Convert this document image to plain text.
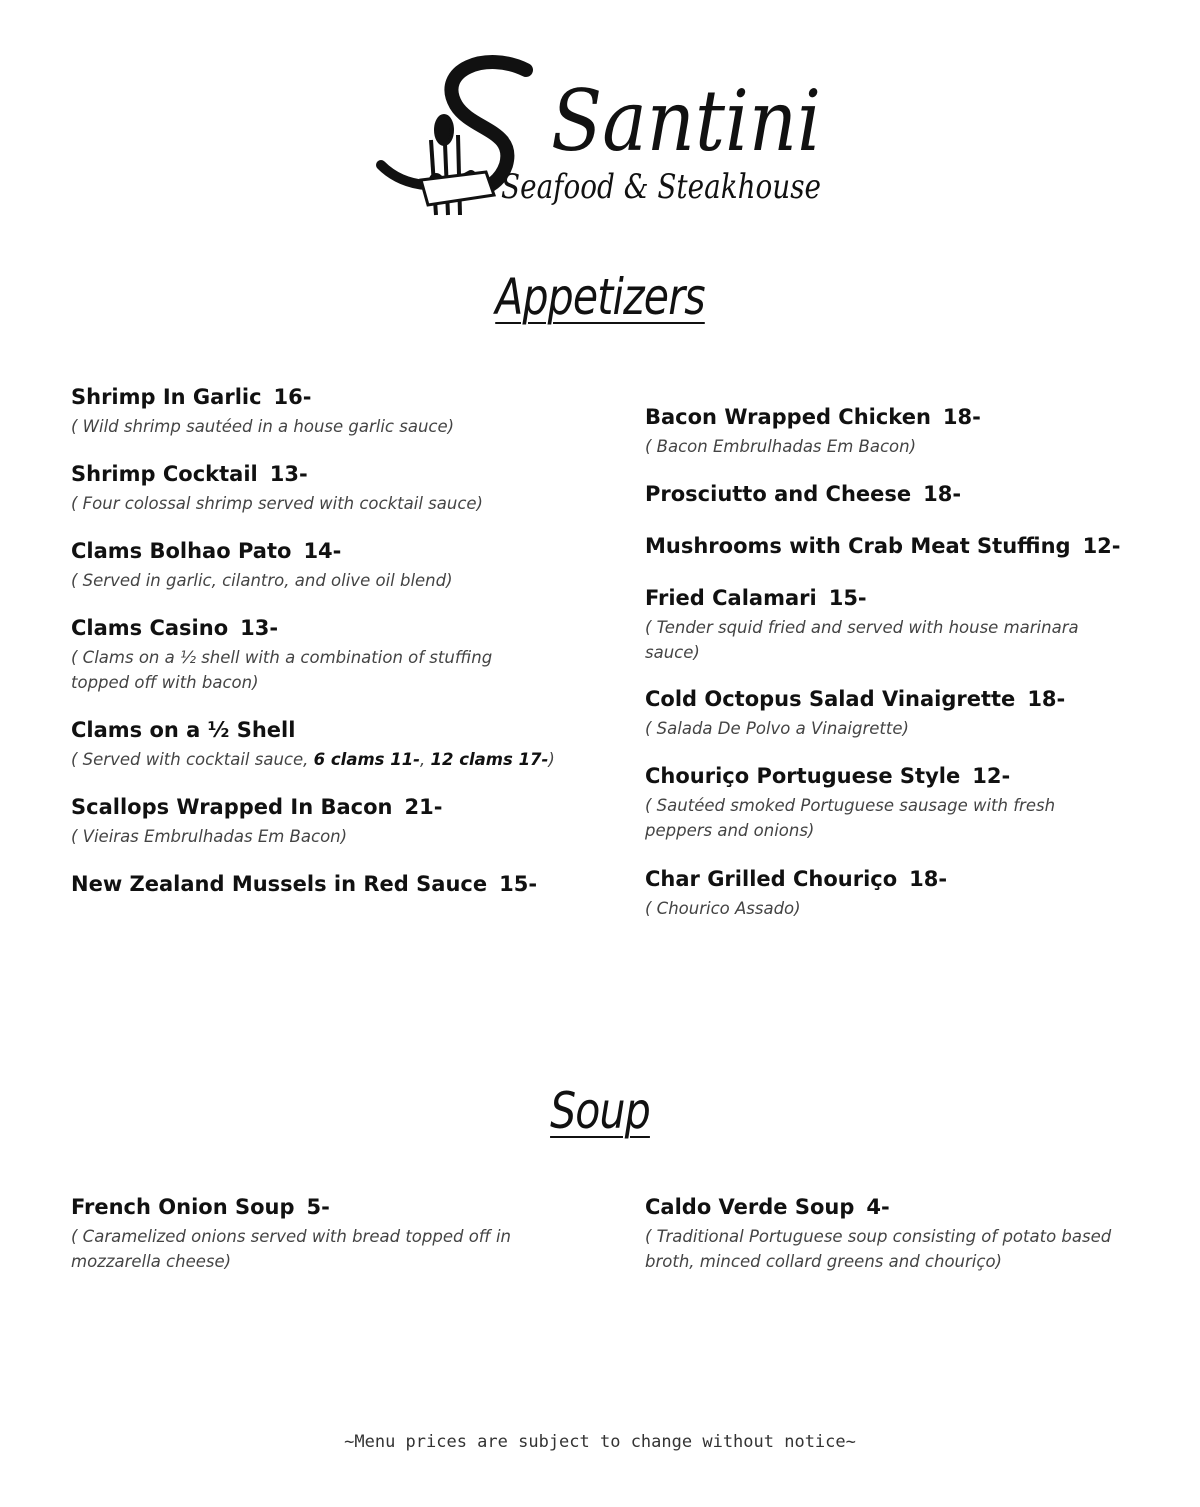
Santini
Seafood & Steakhouse
Appetizers
Shrimp In Garlic 16-
( Wild shrimp sautéed in a house garlic sauce)
Shrimp Cocktail 13-
( Four colossal shrimp served with cocktail sauce)
Clams Bolhao Pato 14-
( Served in garlic, cilantro, and olive oil blend)
Clams Casino 13-
( Clams on a ½ shell with a combination of stuffing topped off with bacon)
Clams on a ½ Shell
( Served with cocktail sauce, 6 clams 11-, 12 clams 17-)
Scallops Wrapped In Bacon 21-
( Vieiras Embrulhadas Em Bacon)
New Zealand Mussels in Red Sauce 15-
Bacon Wrapped Chicken 18-
( Bacon Embrulhadas Em Bacon)
Prosciutto and Cheese 18-
Mushrooms with Crab Meat Stuffing 12-
Fried Calamari 15-
( Tender squid fried and served with house marinara sauce)
Cold Octopus Salad Vinaigrette 18-
( Salada De Polvo a Vinaigrette)
Chouriço Portuguese Style 12-
( Sautéed smoked Portuguese sausage with fresh peppers and onions)
Char Grilled Chouriço 18-
( Chourico Assado)
Soup
French Onion Soup 5-
( Caramelized onions served with bread topped off in mozzarella cheese)
Caldo Verde Soup 4-
( Traditional Portuguese soup consisting of potato based broth, minced collard greens and chouriço)
~Menu prices are subject to change without notice~
